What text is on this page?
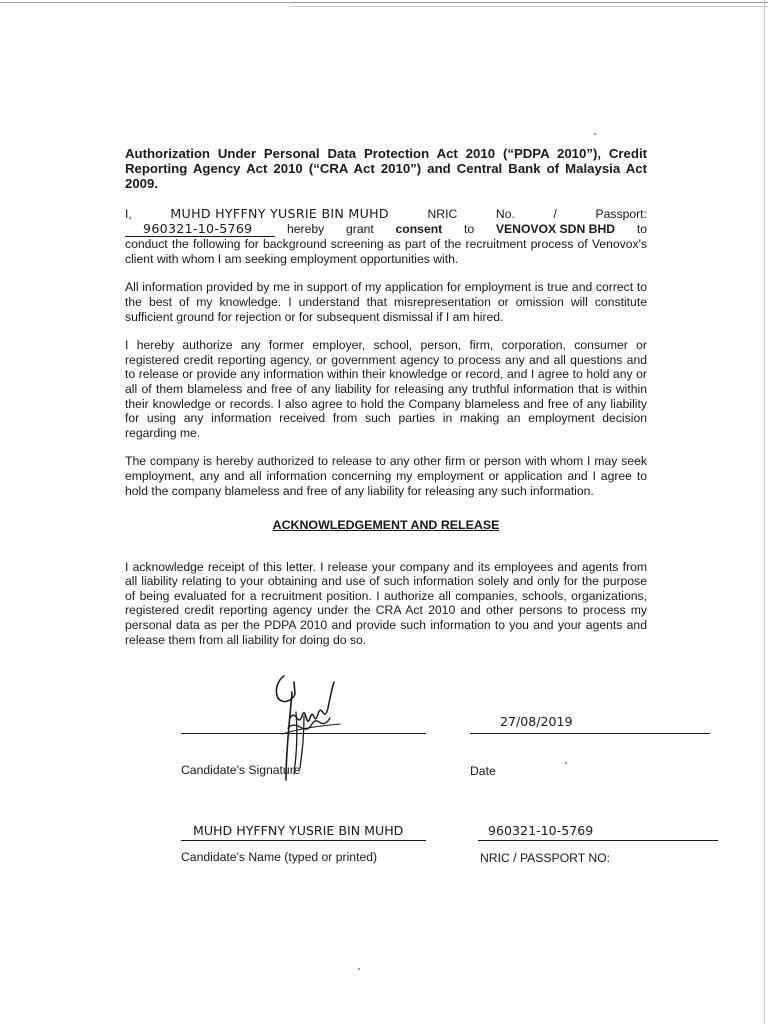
Authorization Under Personal Data Protection Act 2010 (“PDPA 2010”), Credit Reporting Agency Act 2010 (“CRA Act 2010”) and Central Bank of Malaysia Act 2009.

I,	MUHD HYFFNY YUSRIE BIN MUHD	NRIC	No.	/	Passport:
960321-10-5769	hereby grant consent to VENOVOX SDN BHD to

conduct the following for background screening as part of the recruitment process of Venovox's client with whom I am seeking employment opportunities with.

All information provided by me in support of my application for employment is true and correct to the best of my knowledge. I understand that misrepresentation or omission will constitute sufficient ground for rejection or for subsequent dismissal if I am hired.

I hereby authorize any former employer, school, person, firm, corporation, consumer or registered credit reporting agency, or government agency to process any and all questions and to release or provide any information within their knowledge or record, and I agree to hold any or all of them blameless and free of any liability for releasing any truthful information that is within their knowledge or records. I also agree to hold the Company blameless and free of any liability for using any information received from such parties in making an employment decision regarding me.

The company is hereby authorized to release to any other firm or person with whom I may seek employment, any and all information concerning my employment or application and I agree to hold the company blameless and free of any liability for releasing any such information.

ACKNOWLEDGEMENT AND RELEASE

I acknowledge receipt of this letter. I release your company and its employees and agents from all liability relating to your obtaining and use of such information solely and only for the purpose of being evaluated for a recruitment position. I authorize all companies, schools, organizations, registered credit reporting agency under the CRA Act 2010 and other persons to process my personal data as per the PDPA 2010 and provide such information to you and your agents and release them from all liability for doing do so.

Candidate's Signature
27/08/2019
Date
MUHD HYFFNY YUSRIE BIN MUHD
Candidate's Name (typed or printed)
960321-10-5769
NRIC / PASSPORT NO:
